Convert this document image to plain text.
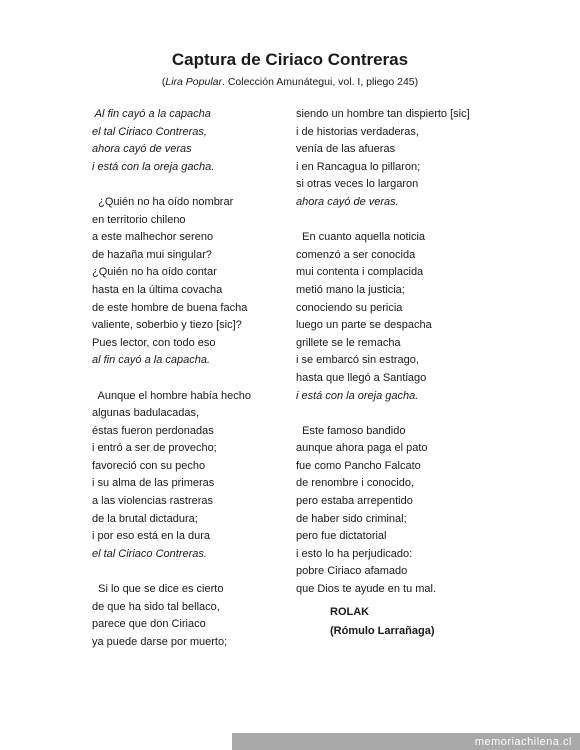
Captura de Ciriaco Contreras
(Lira Popular. Colección Amunátegui, vol. I, pliego 245)
Al fin cayó a la capacha
el tal Ciriaco Contreras,
ahora cayó de veras
i está con la oreja gacha.
¿Quién no ha oído nombrar
en territorio chileno
a este malhechor sereno
de hazaña mui singular?
¿Quién no ha oído contar
hasta en la última covacha
de este hombre de buena facha
valiente, soberbio y tiezo [sic]?
Pues lector, con todo eso
al fin cayó a la capacha.
Aunque el hombre había hecho
algunas badulacadas,
éstas fueron perdonadas
i entró a ser de provecho;
favoreció con su pecho
i su alma de las primeras
a las violencias rastreras
de la brutal dictadura;
i por eso está en la dura
el tal Ciriaco Contreras.
Si lo que se dice es cierto
de que ha sido tal bellaco,
parece que don Ciriaco
ya puede darse por muerto;
siendo un hombre tan dispierto [sic]
i de historias verdaderas,
venía de las afueras
i en Rancagua lo pillaron;
si otras veces lo largaron
ahora cayó de veras.
En cuanto aquella noticia
comenzó a ser conocida
mui contenta i complacida
metió mano la justicia;
conociendo su pericia
luego un parte se despacha
grillete se le remacha
i se embarcó sin estrago,
hasta que llegó a Santiago
i está con la oreja gacha.
Este famoso bandido
aunque ahora paga el pato
fue como Pancho Falcato
de renombre i conocido,
pero estaba arrepentido
de haber sido criminal;
pero fue dictatorial
i esto lo ha perjudicado:
pobre Ciriaco afamado
que Dios te ayude en tu mal.
ROLAK
(Rómulo Larrañaga)
memoriachilena.cl
